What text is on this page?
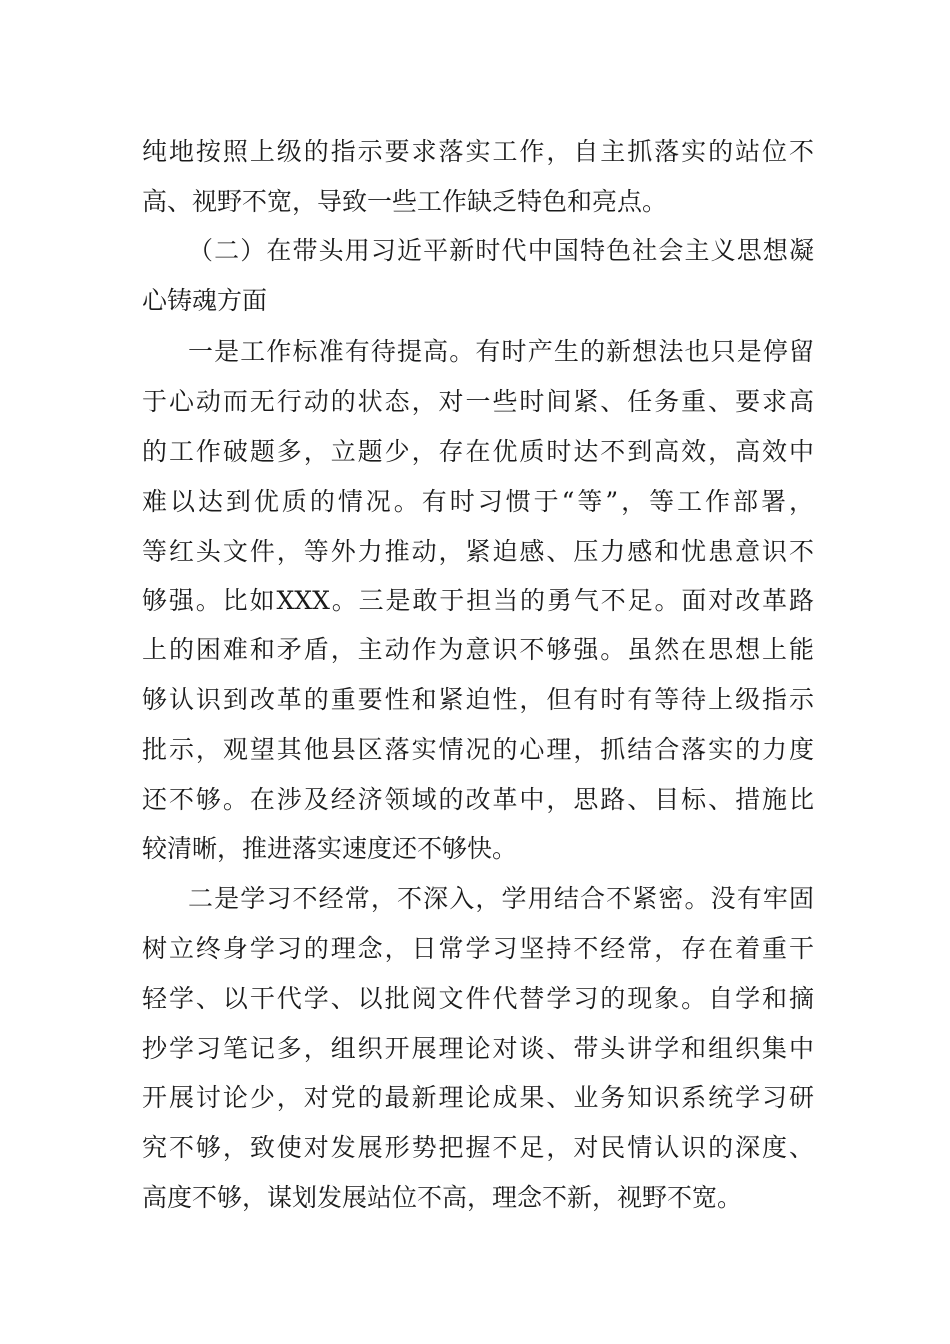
纯地按照上级的指示要求落实工作，自主抓落实的站位不
高、视野不宽，导致一些工作缺乏特色和亮点。
（二）在带头用习近平新时代中国特色社会主义思想凝
心铸魂方面
一是工作标准有待提高。有时产生的新想法也只是停留
于心动而无行动的状态，对一些时间紧、任务重、要求高
的工作破题多，立题少，存在优质时达不到高效，高效中
难以达到优质的情况。有时习惯于“等”，等工作部署，
等红头文件，等外力推动，紧迫感、压力感和忧患意识不
够强。比如XXX。三是敢于担当的勇气不足。面对改革路
上的困难和矛盾，主动作为意识不够强。虽然在思想上能
够认识到改革的重要性和紧迫性，但有时有等待上级指示
批示，观望其他县区落实情况的心理，抓结合落实的力度
还不够。在涉及经济领域的改革中，思路、目标、措施比
较清晰，推进落实速度还不够快。
二是学习不经常，不深入，学用结合不紧密。没有牢固
树立终身学习的理念，日常学习坚持不经常，存在着重干
轻学、以干代学、以批阅文件代替学习的现象。自学和摘
抄学习笔记多，组织开展理论对谈、带头讲学和组织集中
开展讨论少，对党的最新理论成果、业务知识系统学习研
究不够，致使对发展形势把握不足，对民情认识的深度、
高度不够，谋划发展站位不高，理念不新，视野不宽。
